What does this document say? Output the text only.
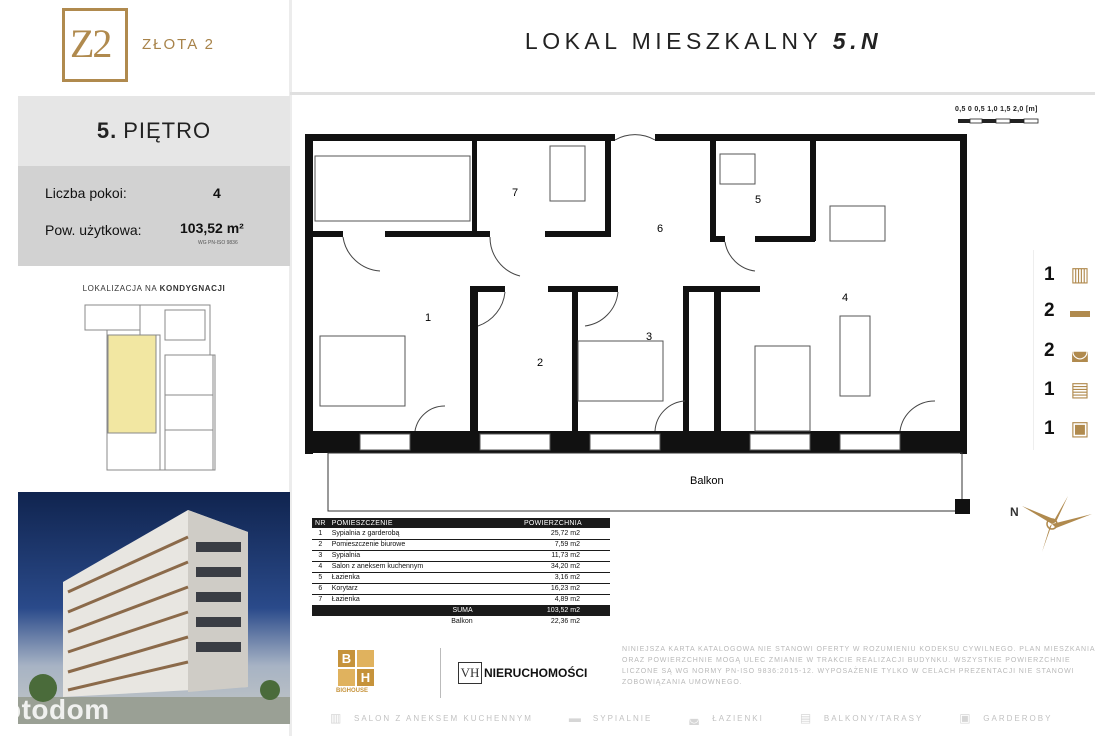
Z2 ZŁOTA 2	LOKAL MIESZKALNY 5.N
5. PIĘTRO
Liczba pokoi:	4
Pow. użytkowa:	103,52 m²
WG PN-ISO 9836
LOKALIZACJA NA KONDYGNACJI
otodom
0,5 0 0,5 1,0 1,5 2,0 [m]
1
2
3
4
5
6
7
Balkon
N
1 ▥
2 ▬
2 ◛
1 ▤
1 ▣
NR	POMIESZCZENIE	POWIERZCHNIA
1	Sypialnia z garderobą	25,72 m2
2	Pomieszczenie biurowe	7,59 m2
3	Sypialnia	11,73 m2
4	Salon z aneksem kuchennym	34,20 m2
5	Łazienka	3,16 m2
6	Korytarz	16,23 m2
7	Łazienka	4,89 m2
	SUMA	103,52 m2
	Balkon	22,36 m2
B
H
BIGHOUSE
VH NIERUCHOMOŚCI
NINIEJSZA KARTA KATALOGOWA NIE STANOWI OFERTY W ROZUMIENIU KODEKSU CYWILNEGO. PLAN MIESZKANIA ORAZ POWIERZCHNIE MOGĄ ULEC ZMIANIE W TRAKCIE REALIZACJI BUDYNKU. WSZYSTKIE POWIERZCHNIE LICZONE SĄ WG NORMY PN-ISO 9836:2015-12. WYPOSAŻENIE TYLKO W CELACH PREZENTACJI NIE STANOWI ZOBOWIĄZANIA UMOWNEGO.
▥ SALON Z ANEKSEM KUCHENNYM	▬ SYPIALNIE	◛ ŁAZIENKI	▤ BALKONY/TARASY	▣ GARDEROBY
